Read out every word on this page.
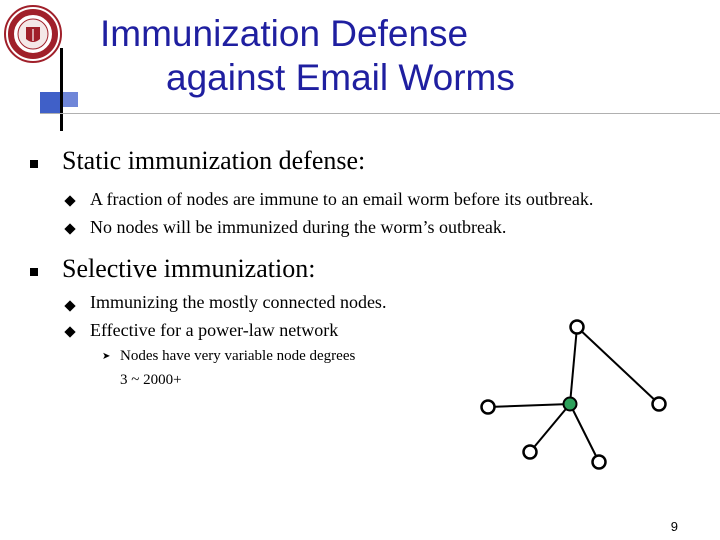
Immunization Defense
against Email Worms
Static immunization defense:
A fraction of nodes are immune to an email worm before its outbreak.
No nodes will be immunized during the worm’s outbreak.
Selective immunization:
Immunizing the mostly connected nodes.
Effective for a power-law network
➤ Nodes have very variable node degrees
3 ~ 2000+
9
